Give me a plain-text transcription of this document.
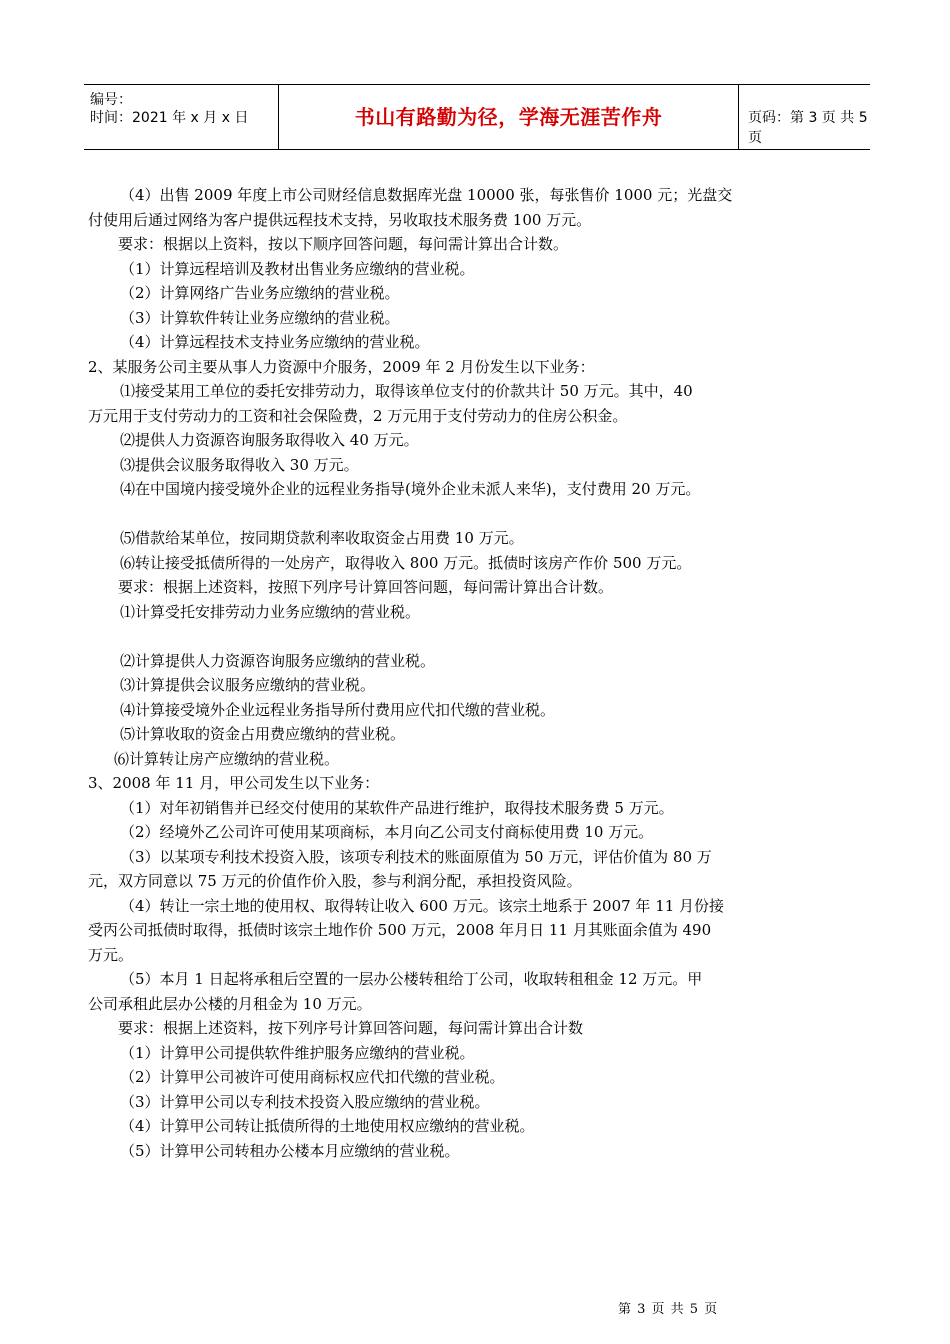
编号：
时间：2021 年 x 月 x 日	书山有路勤为径，学海无涯苦作舟	页码：第 3 页 共 5 页
（4）出售 2009 年度上市公司财经信息数据库光盘 10000 张，每张售价 1000 元；光盘交
付使用后通过网络为客户提供远程技术支持，另收取技术服务费 100 万元。
要求：根据以上资料，按以下顺序回答问题，每问需计算出合计数。
（1）计算远程培训及教材出售业务应缴纳的营业税。
（2）计算网络广告业务应缴纳的营业税。
（3）计算软件转让业务应缴纳的营业税。
（4）计算远程技术支持业务应缴纳的营业税。
2、某服务公司主要从事人力资源中介服务，2009 年 2 月份发生以下业务：
⑴接受某用工单位的委托安排劳动力，取得该单位支付的价款共计 50 万元。其中，40
万元用于支付劳动力的工资和社会保险费，2 万元用于支付劳动力的住房公积金。
⑵提供人力资源咨询服务取得收入 40 万元。
⑶提供会议服务取得收入 30 万元。
⑷在中国境内接受境外企业的远程业务指导(境外企业未派人来华)，支付费用 20 万元。
⑸借款给某单位，按同期贷款利率收取资金占用费 10 万元。
⑹转让接受抵债所得的一处房产，取得收入 800 万元。抵债时该房产作价 500 万元。
要求：根据上述资料，按照下列序号计算回答问题，每问需计算出合计数。
⑴计算受托安排劳动力业务应缴纳的营业税。
⑵计算提供人力资源咨询服务应缴纳的营业税。
⑶计算提供会议服务应缴纳的营业税。
⑷计算接受境外企业远程业务指导所付费用应代扣代缴的营业税。
⑸计算收取的资金占用费应缴纳的营业税。
⑹计算转让房产应缴纳的营业税。
3、2008 年 11 月，甲公司发生以下业务：
（1）对年初销售并已经交付使用的某软件产品进行维护，取得技术服务费 5 万元。
（2）经境外乙公司许可使用某项商标，本月向乙公司支付商标使用费 10 万元。
（3）以某项专利技术投资入股，该项专利技术的账面原值为 50 万元，评估价值为 80 万
元，双方同意以 75 万元的价值作价入股，参与利润分配，承担投资风险。
（4）转让一宗土地的使用权、取得转让收入 600 万元。该宗土地系于 2007 年 11 月份接
受丙公司抵债时取得，抵债时该宗土地作价 500 万元，2008 年月日 11 月其账面余值为 490
万元。
（5）本月 1 日起将承租后空置的一层办公楼转租给丁公司，收取转租租金 12 万元。甲
公司承租此层办公楼的月租金为 10 万元。
要求：根据上述资料，按下列序号计算回答问题，每问需计算出合计数
（1）计算甲公司提供软件维护服务应缴纳的营业税。
（2）计算甲公司被许可使用商标权应代扣代缴的营业税。
（3）计算甲公司以专利技术投资入股应缴纳的营业税。
（4）计算甲公司转让抵债所得的土地使用权应缴纳的营业税。
（5）计算甲公司转租办公楼本月应缴纳的营业税。
第 3 页 共 5 页
